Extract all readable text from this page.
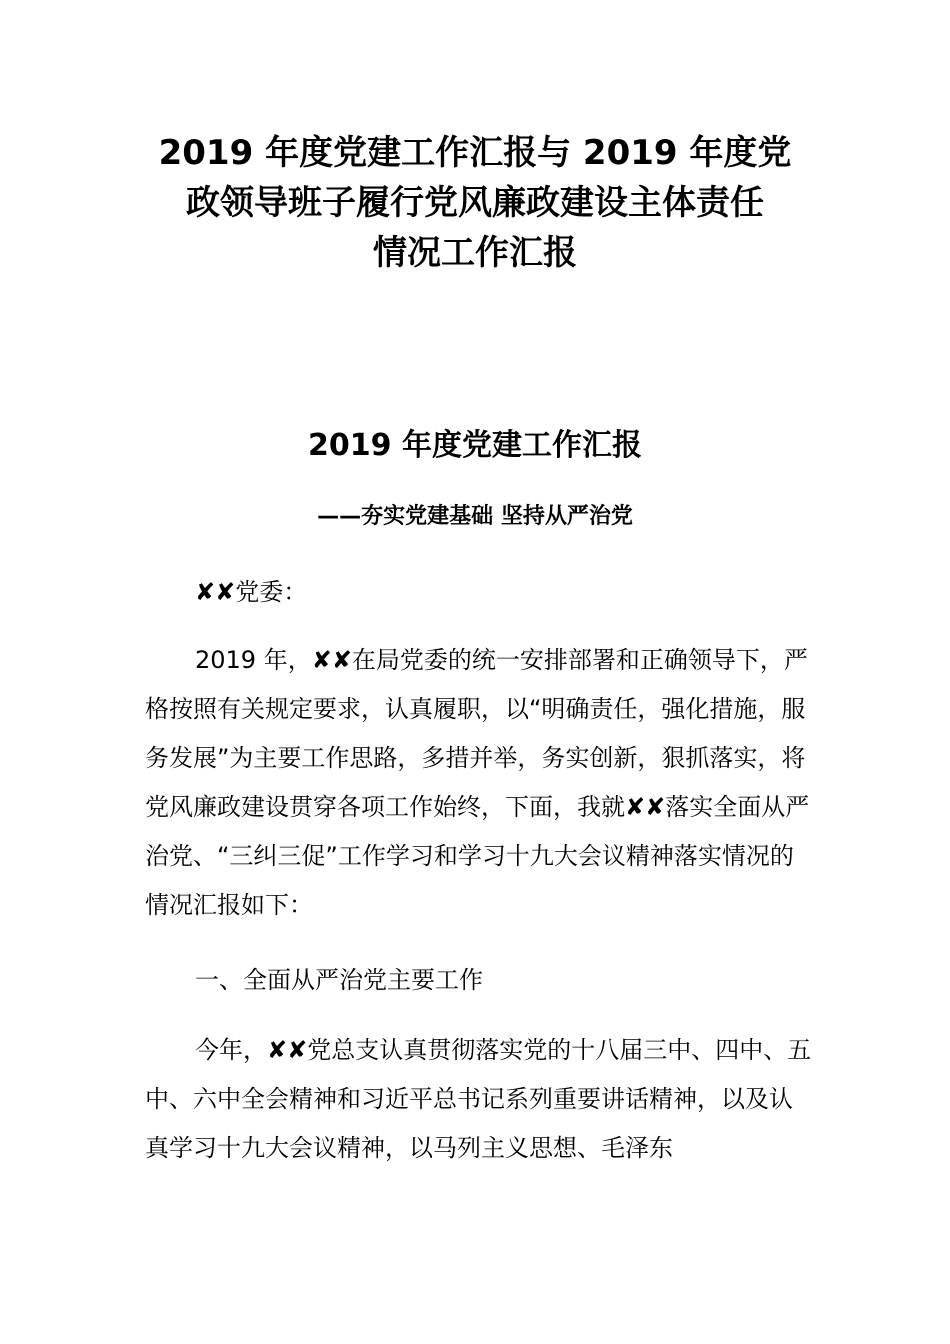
2019 年度党建工作汇报与 2019 年度党
政领导班子履行党风廉政建设主体责任
情况工作汇报
2019 年度党建工作汇报

——夯实党建基础 坚持从严治党

✘✘党委：

2019 年，✘✘在局党委的统一安排部署和正确领导下，严格按照有关规定要求，认真履职，以“明确责任，强化措施，服务发展”为主要工作思路，多措并举，务实创新，狠抓落实，将党风廉政建设贯穿各项工作始终，下面，我就✘✘落实全面从严治党、“三纠三促”工作学习和学习十九大会议精神落实情况的情况汇报如下：

一、全面从严治党主要工作

今年，✘✘党总支认真贯彻落实党的十八届三中、四中、五中、六中全会精神和习近平总书记系列重要讲话精神，以及认真学习十九大会议精神，以马列主义思想、毛泽东
